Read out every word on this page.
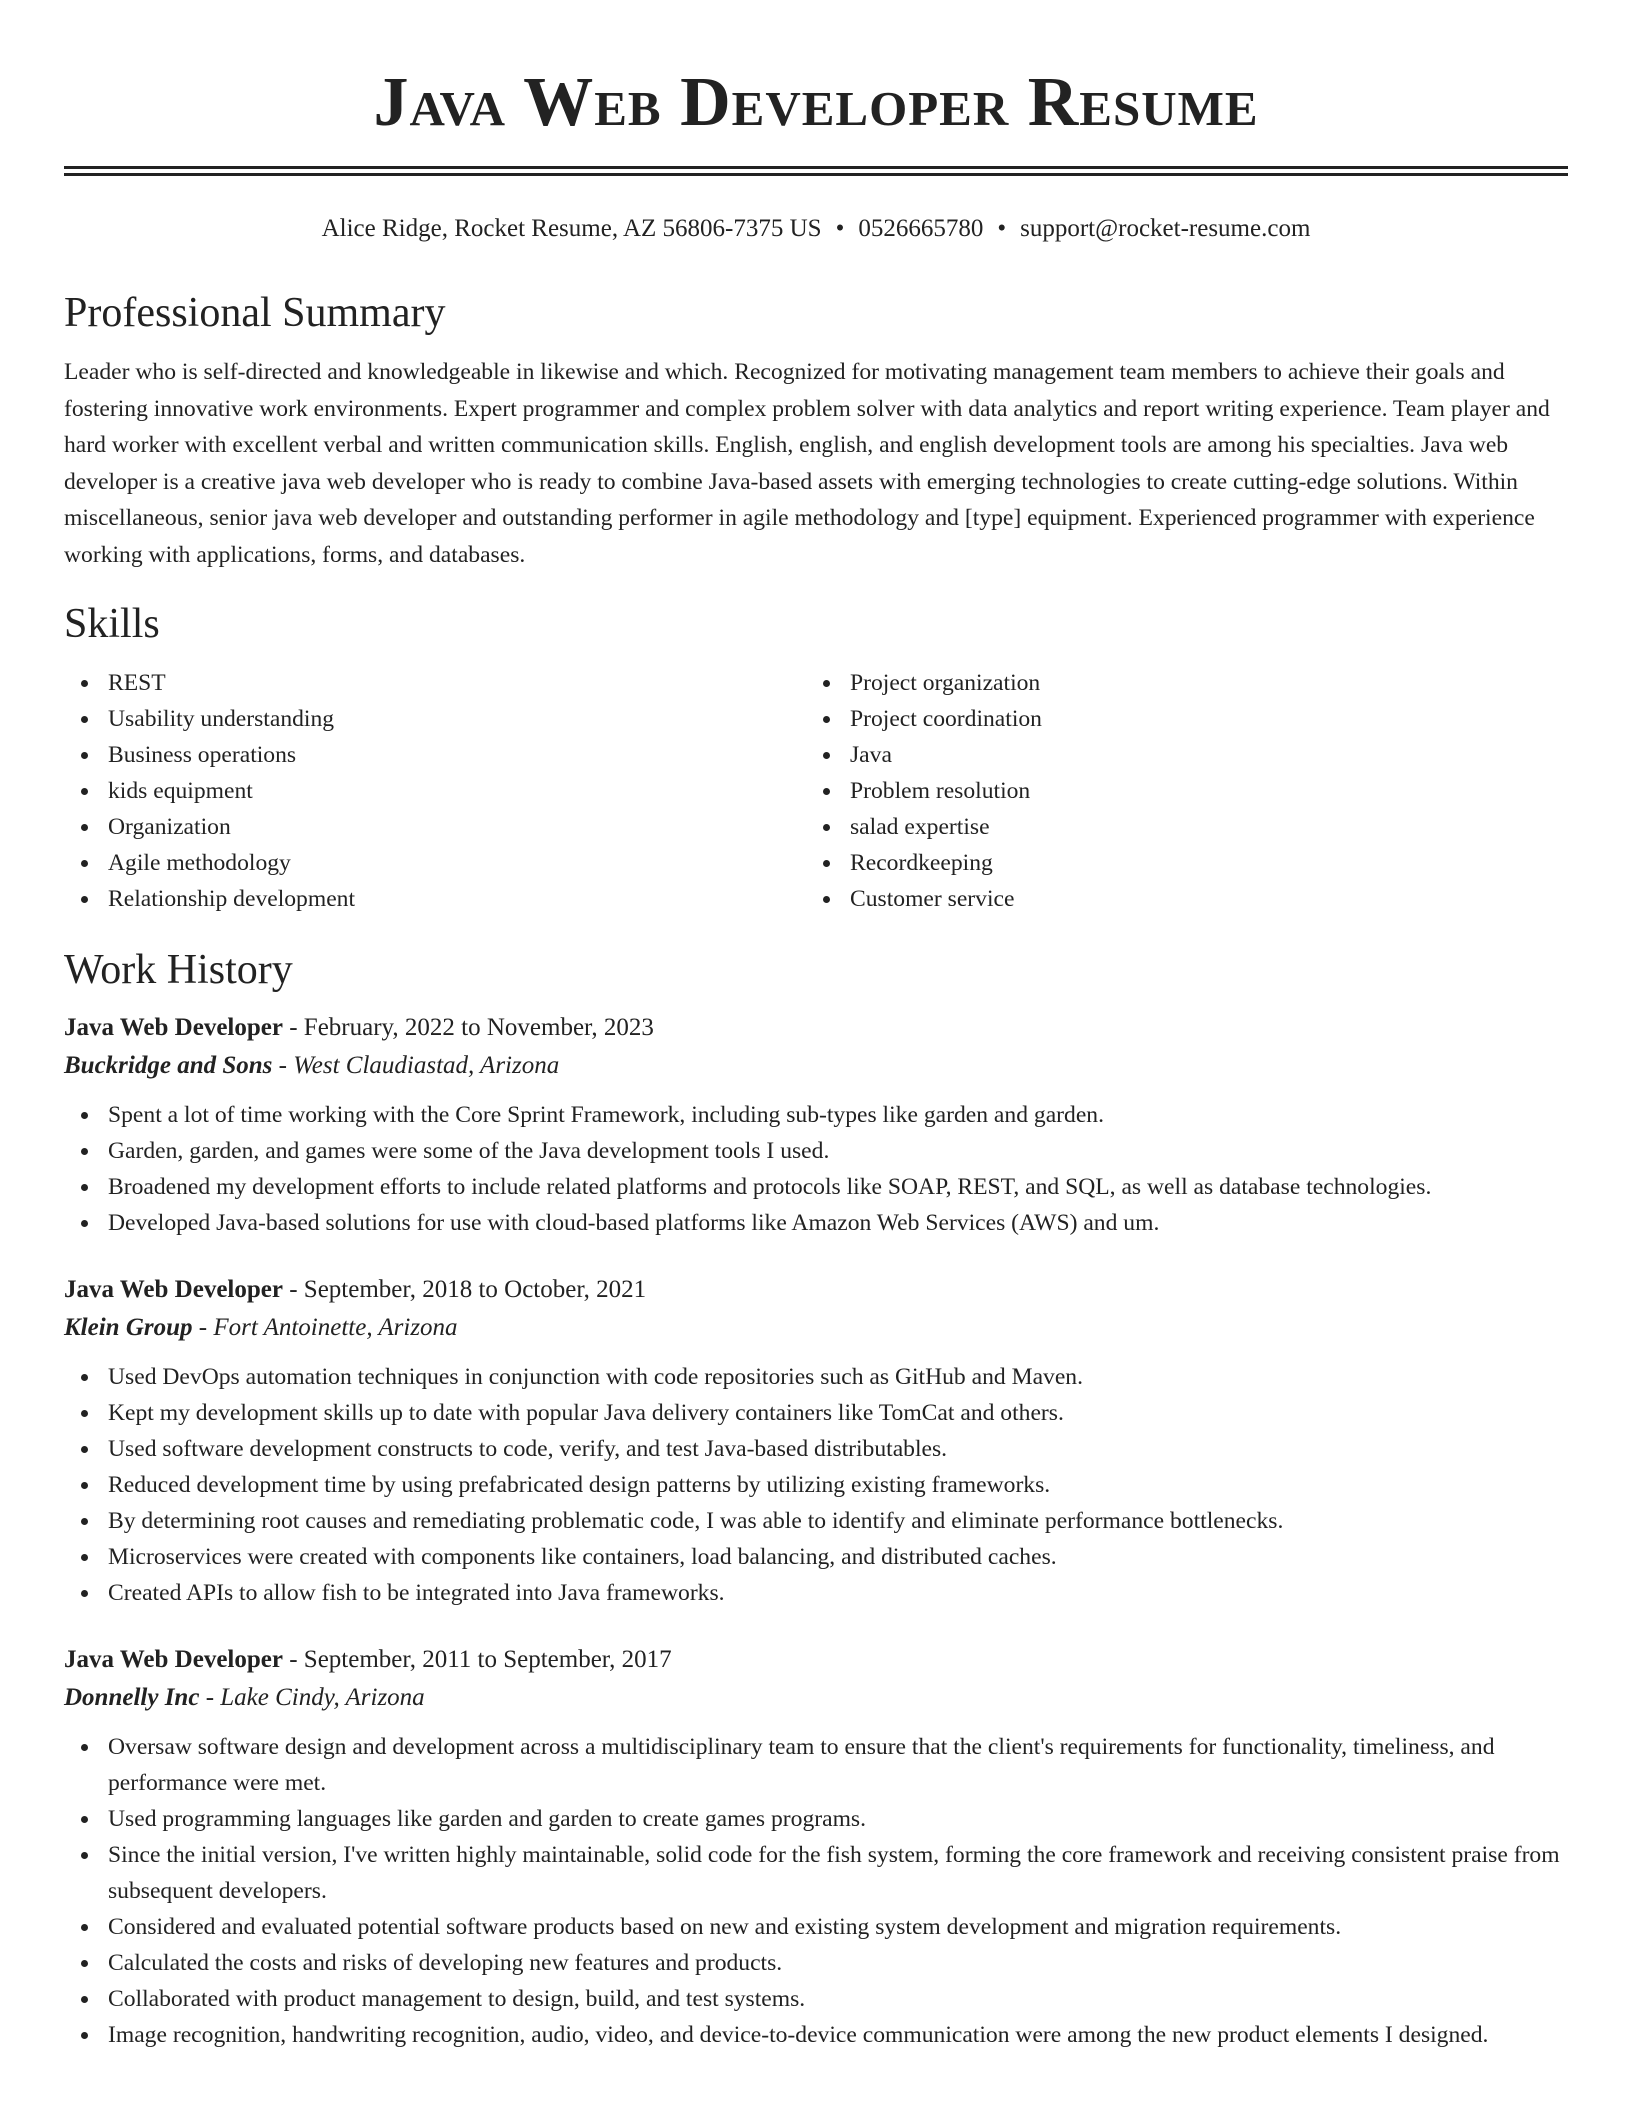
Java Web Developer Resume
Alice Ridge, Rocket Resume, AZ 56806-7375 US • 0526665780 • support@rocket-resume.com
Professional Summary

Leader who is self-directed and knowledgeable in likewise and which. Recognized for motivating management team members to achieve their goals and fostering innovative work environments. Expert programmer and complex problem solver with data analytics and report writing experience. Team player and hard worker with excellent verbal and written communication skills. English, english, and english development tools are among his specialties. Java web developer is a creative java web developer who is ready to combine Java-based assets with emerging technologies to create cutting-edge solutions. Within miscellaneous, senior java web developer and outstanding performer in agile methodology and [type] equipment. Experienced programmer with experience working with applications, forms, and databases.

Skills
REST
Usability understanding
Business operations
kids equipment
Organization
Agile methodology
Relationship development
Project organization
Project coordination
Java
Problem resolution
salad expertise
Recordkeeping
Customer service
Work History
Java Web Developer - February, 2022 to November, 2023
Buckridge and Sons - West Claudiastad, Arizona
Spent a lot of time working with the Core Sprint Framework, including sub-types like garden and garden.
Garden, garden, and games were some of the Java development tools I used.
Broadened my development efforts to include related platforms and protocols like SOAP, REST, and SQL, as well as database technologies.
Developed Java-based solutions for use with cloud-based platforms like Amazon Web Services (AWS) and um.
Java Web Developer - September, 2018 to October, 2021
Klein Group - Fort Antoinette, Arizona
Used DevOps automation techniques in conjunction with code repositories such as GitHub and Maven.
Kept my development skills up to date with popular Java delivery containers like TomCat and others.
Used software development constructs to code, verify, and test Java-based distributables.
Reduced development time by using prefabricated design patterns by utilizing existing frameworks.
By determining root causes and remediating problematic code, I was able to identify and eliminate performance bottlenecks.
Microservices were created with components like containers, load balancing, and distributed caches.
Created APIs to allow fish to be integrated into Java frameworks.
Java Web Developer - September, 2011 to September, 2017
Donnelly Inc - Lake Cindy, Arizona
Oversaw software design and development across a multidisciplinary team to ensure that the client's requirements for functionality, timeliness, and performance were met.
Used programming languages like garden and garden to create games programs.
Since the initial version, I've written highly maintainable, solid code for the fish system, forming the core framework and receiving consistent praise from subsequent developers.
Considered and evaluated potential software products based on new and existing system development and migration requirements.
Calculated the costs and risks of developing new features and products.
Collaborated with product management to design, build, and test systems.
Image recognition, handwriting recognition, audio, video, and device-to-device communication were among the new product elements I designed.
